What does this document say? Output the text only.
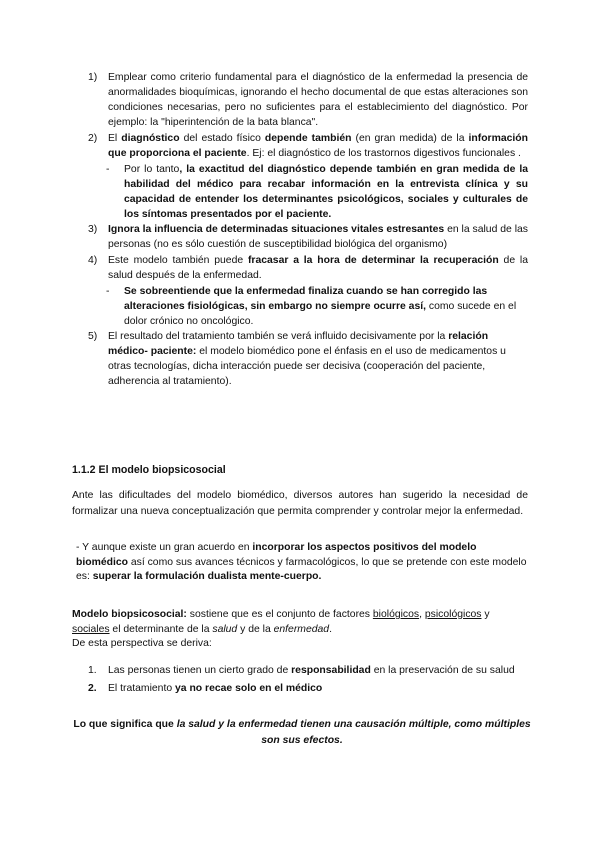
1)	Emplear como criterio fundamental para el diagnóstico de la enfermedad la presencia de anormalidades bioquímicas, ignorando el hecho documental de que estas alteraciones son condiciones necesarias, pero no suficientes para el establecimiento del diagnóstico. Por ejemplo: la "hiperintención de la bata blanca".
2)	El diagnóstico del estado físico depende también (en gran medida) de la información que proporciona el paciente. Ej: el diagnóstico de los trastornos digestivos funcionales .
- Por lo tanto, la exactitud del diagnóstico depende también en gran medida de la habilidad del médico para recabar información en la entrevista clínica y su capacidad de entender los determinantes psicológicos, sociales y culturales de los síntomas presentados por el paciente.
3)	Ignora la influencia de determinadas situaciones vitales estresantes en la salud de las personas (no es sólo cuestión de susceptibilidad biológica del organismo)
4)	Este modelo también puede fracasar a la hora de determinar la recuperación de la salud después de la enfermedad.
- Se sobreentiende que la enfermedad finaliza cuando se han corregido las alteraciones fisiológicas, sin embargo no siempre ocurre así, como sucede en el dolor crónico no oncológico.
5)	El resultado del tratamiento también se verá influido decisivamente por la relación médico- paciente: el modelo biomédico pone el énfasis en el uso de medicamentos u otras tecnologías, dicha interacción puede ser decisiva (cooperación del paciente, adherencia al tratamiento).
1.1.2 El modelo biopsicosocial
Ante las dificultades del modelo biomédico, diversos autores han sugerido la necesidad de formalizar una nueva conceptualización que permita comprender y controlar mejor la enfermedad.
- Y aunque existe un gran acuerdo en incorporar los aspectos positivos del modelo biomédico así como sus avances técnicos y farmacológicos, lo que se pretende con este modelo es: superar la formulación dualista mente-cuerpo.
Modelo biopsicosocial: sostiene que es el conjunto de factores biológicos, psicológicos y sociales el determinante de la salud y de la enfermedad.
De esta perspectiva se deriva:
1.	Las personas tienen un cierto grado de responsabilidad en la preservación de su salud
2.	El tratamiento ya no recae solo en el médico
Lo que significa que la salud y la enfermedad tienen una causación múltiple, como múltiples son sus efectos.
